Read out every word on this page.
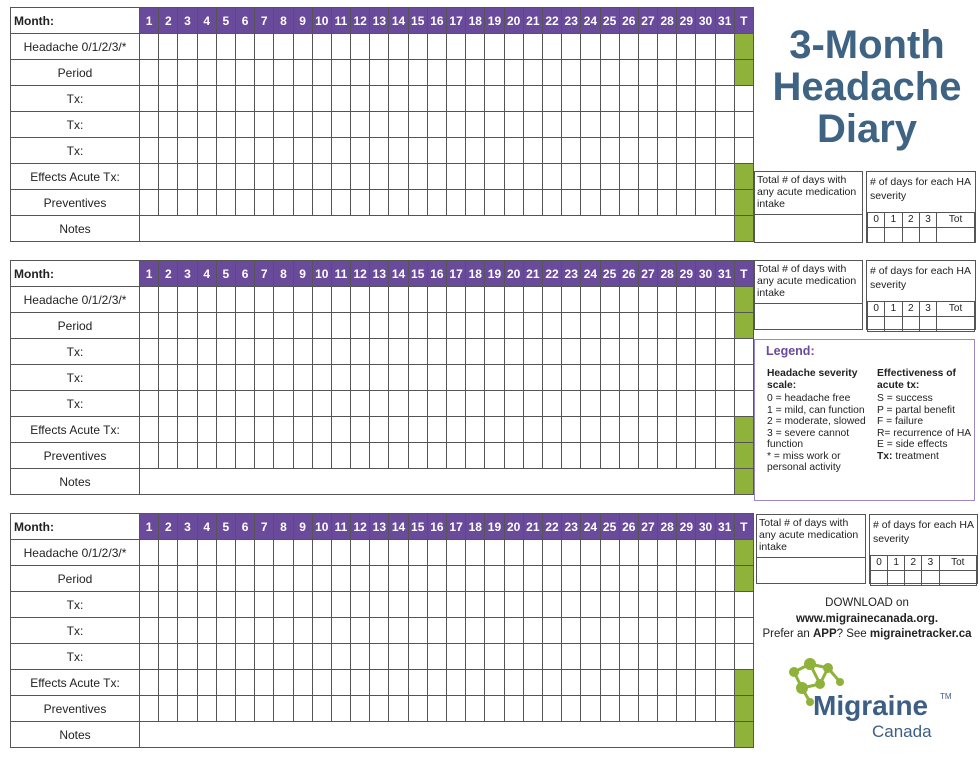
Month:	1	2	3	4	5	6	7	8	9	10	11	12	13	14	15	16	17	18	19	20	21	22	23	24	25	26	27	28	29	30	31	T
Headache 0/1/2/3/*																																
Period																																
Tx:																																
Tx:																																
Tx:																																
Effects Acute Tx:																																
Preventives																																
Notes																																
Month:	1	2	3	4	5	6	7	8	9	10	11	12	13	14	15	16	17	18	19	20	21	22	23	24	25	26	27	28	29	30	31	T
Headache 0/1/2/3/*																																
Period																																
Tx:																																
Tx:																																
Tx:																																
Effects Acute Tx:																																
Preventives																																
Notes																																
Month:	1	2	3	4	5	6	7	8	9	10	11	12	13	14	15	16	17	18	19	20	21	22	23	24	25	26	27	28	29	30	31	T
Headache 0/1/2/3/*																																
Period																																
Tx:																																
Tx:																																
Tx:																																
Effects Acute Tx:																																
Preventives																																
Notes																																
3-Month
Headache
Diary
Total # of days with any acute medication intake
# of days for each HA severity
0	1	2	3	Tot

Total # of days with any acute medication intake
# of days for each HA severity
0	1	2	3	Tot

Legend:
Headache severity scale:
0 = headache free
1 = mild, can function
2 = moderate, slowed
3 = severe cannot function
* = miss work or personal activity
Effectiveness of acute tx:
S = success
P = partal benefit
F = failure
R= recurrence of HA
E = side effects
Tx: treatment
Total # of days with any acute medication intake
# of days for each HA severity
0	1	2	3	Tot

DOWNLOAD on
www.migrainecanada.org.
Prefer an APP? See migrainetracker.ca
Migraine TM
Canada
